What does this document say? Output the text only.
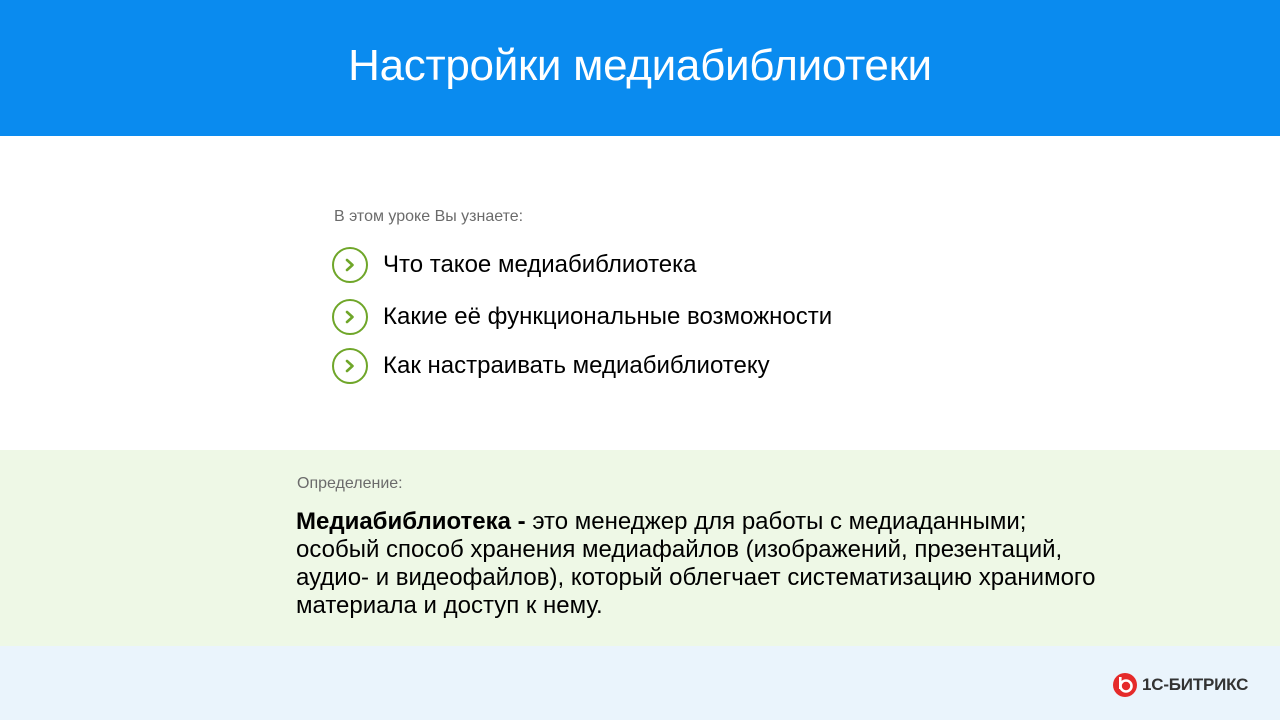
Настройки медиабиблиотеки
В этом уроке Вы узнаете:
Что такое медиабиблиотека
Какие её функциональные возможности
Как настраивать медиабиблиотеку
Определение:

Медиабиблиотека - это менеджер для работы с медиаданными; особый способ хранения медиафайлов (изображений, презентаций, аудио- и видеофайлов), который облегчает систематизацию хранимого материала и доступ к нему.

1С-БИТРИКС
